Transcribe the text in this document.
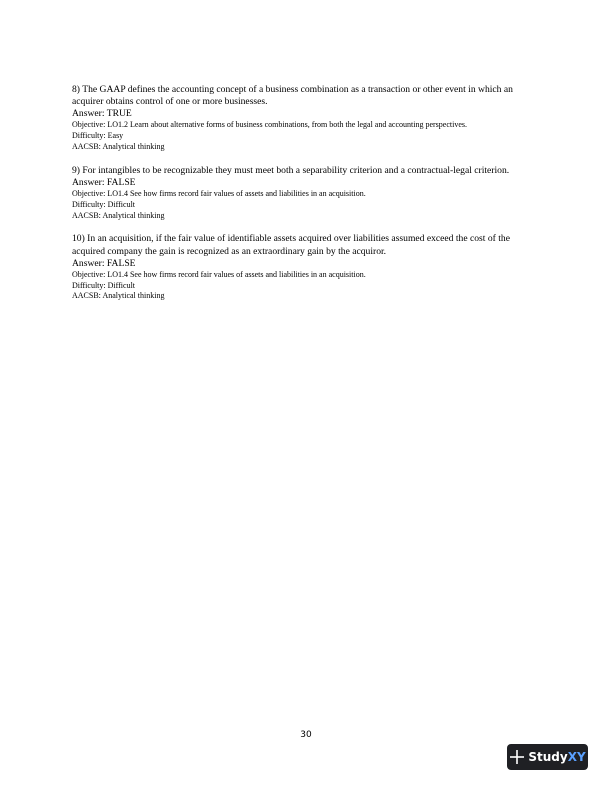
8) The GAAP defines the accounting concept of a business combination as a transaction or other event in which an acquirer obtains control of one or more businesses.

Answer: TRUE

Objective: LO1.2 Learn about alternative forms of business combinations, from both the legal and accounting perspectives.

Difficulty: Easy

AACSB: Analytical thinking

9) For intangibles to be recognizable they must meet both a separability criterion and a contractual-legal criterion.

Answer: FALSE

Objective: LO1.4 See how firms record fair values of assets and liabilities in an acquisition.

Difficulty: Difficult

AACSB: Analytical thinking

10) In an acquisition, if the fair value of identifiable assets acquired over liabilities assumed exceed the cost of the acquired company the gain is recognized as an extraordinary gain by the acquiror.

Answer: FALSE

Objective: LO1.4 See how firms record fair values of assets and liabilities in an acquisition.

Difficulty: Difficult

AACSB: Analytical thinking

30
StudyXY
